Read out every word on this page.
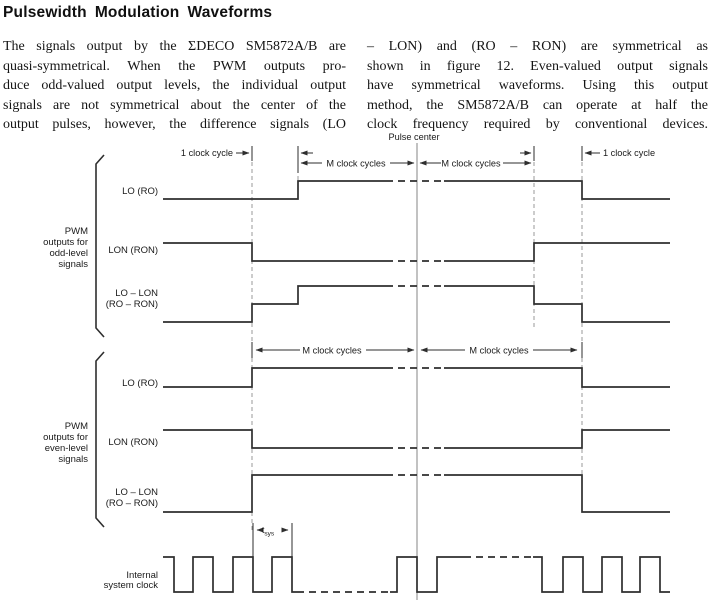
Pulsewidth Modulation Waveforms
The signals output by the ΣDECO SM5872A/B are
quasi-symmetrical. When the PWM outputs pro-
duce odd-valued output levels, the individual output
signals are not symmetrical about the center of the
output pulses, however, the difference signals (LO
– LON) and (RO – RON) are symmetrical as
shown in figure 12. Even-valued output signals
have symmetrical waveforms. Using this output
method, the SM5872A/B can operate at half the
clock frequency required by conventional devices.
Pulse center
1 clock cycle	1 clock cycle
M clock cycles	M clock cycles
PWM
outputs for
odd-level
signals
LO (RO)
LON (RON)
LO – LON
(RO – RON)
M clock cycles	M clock cycles
PWM
outputs for
even-level
signals
LO (RO)
LON (RON)
LO – LON
(RO – RON)
$t_{sys}$
Internal
system clock
